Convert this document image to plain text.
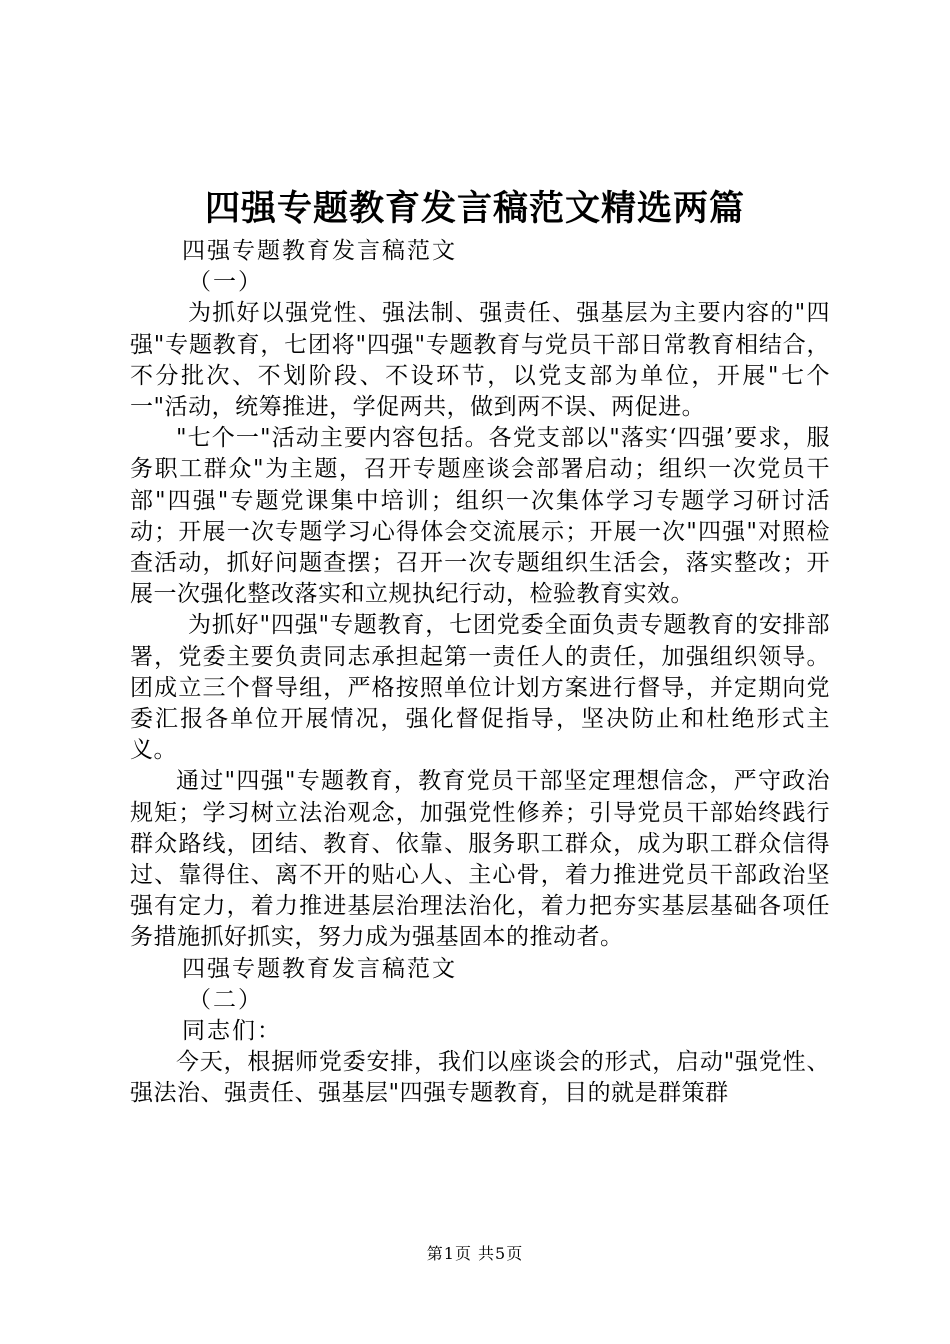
四强专题教育发言稿范文精选两篇

四强专题教育发言稿范文

（一）

为抓好以强党性、强法制、强责任、强基层为主要内容的"四强"专题教育，七团将"四强"专题教育与党员干部日常教育相结合，不分批次、不划阶段、不设环节，以党支部为单位，开展"七个一"活动，统筹推进，学促两共，做到两不误、两促进。

"七个一"活动主要内容包括。各党支部以"落实‘四强’要求，服务职工群众"为主题，召开专题座谈会部署启动；组织一次党员干部"四强"专题党课集中培训；组织一次集体学习专题学习研讨活动；开展一次专题学习心得体会交流展示；开展一次"四强"对照检查活动，抓好问题查摆；召开一次专题组织生活会，落实整改；开展一次强化整改落实和立规执纪行动，检验教育实效。

为抓好"四强"专题教育，七团党委全面负责专题教育的安排部署，党委主要负责同志承担起第一责任人的责任，加强组织领导。团成立三个督导组，严格按照单位计划方案进行督导，并定期向党委汇报各单位开展情况，强化督促指导，坚决防止和杜绝形式主义。

通过"四强"专题教育，教育党员干部坚定理想信念，严守政治规矩；学习树立法治观念，加强党性修养；引导党员干部始终践行群众路线，团结、教育、依靠、服务职工群众，成为职工群众信得过、靠得住、离不开的贴心人、主心骨，着力推进党员干部政治坚强有定力，着力推进基层治理法治化，着力把夯实基层基础各项任务措施抓好抓实，努力成为强基固本的推动者。

四强专题教育发言稿范文

（二）

同志们：

今天，根据师党委安排，我们以座谈会的形式，启动"强党性、强法治、强责任、强基层"四强专题教育，目的就是群策群

第1页 共5页
